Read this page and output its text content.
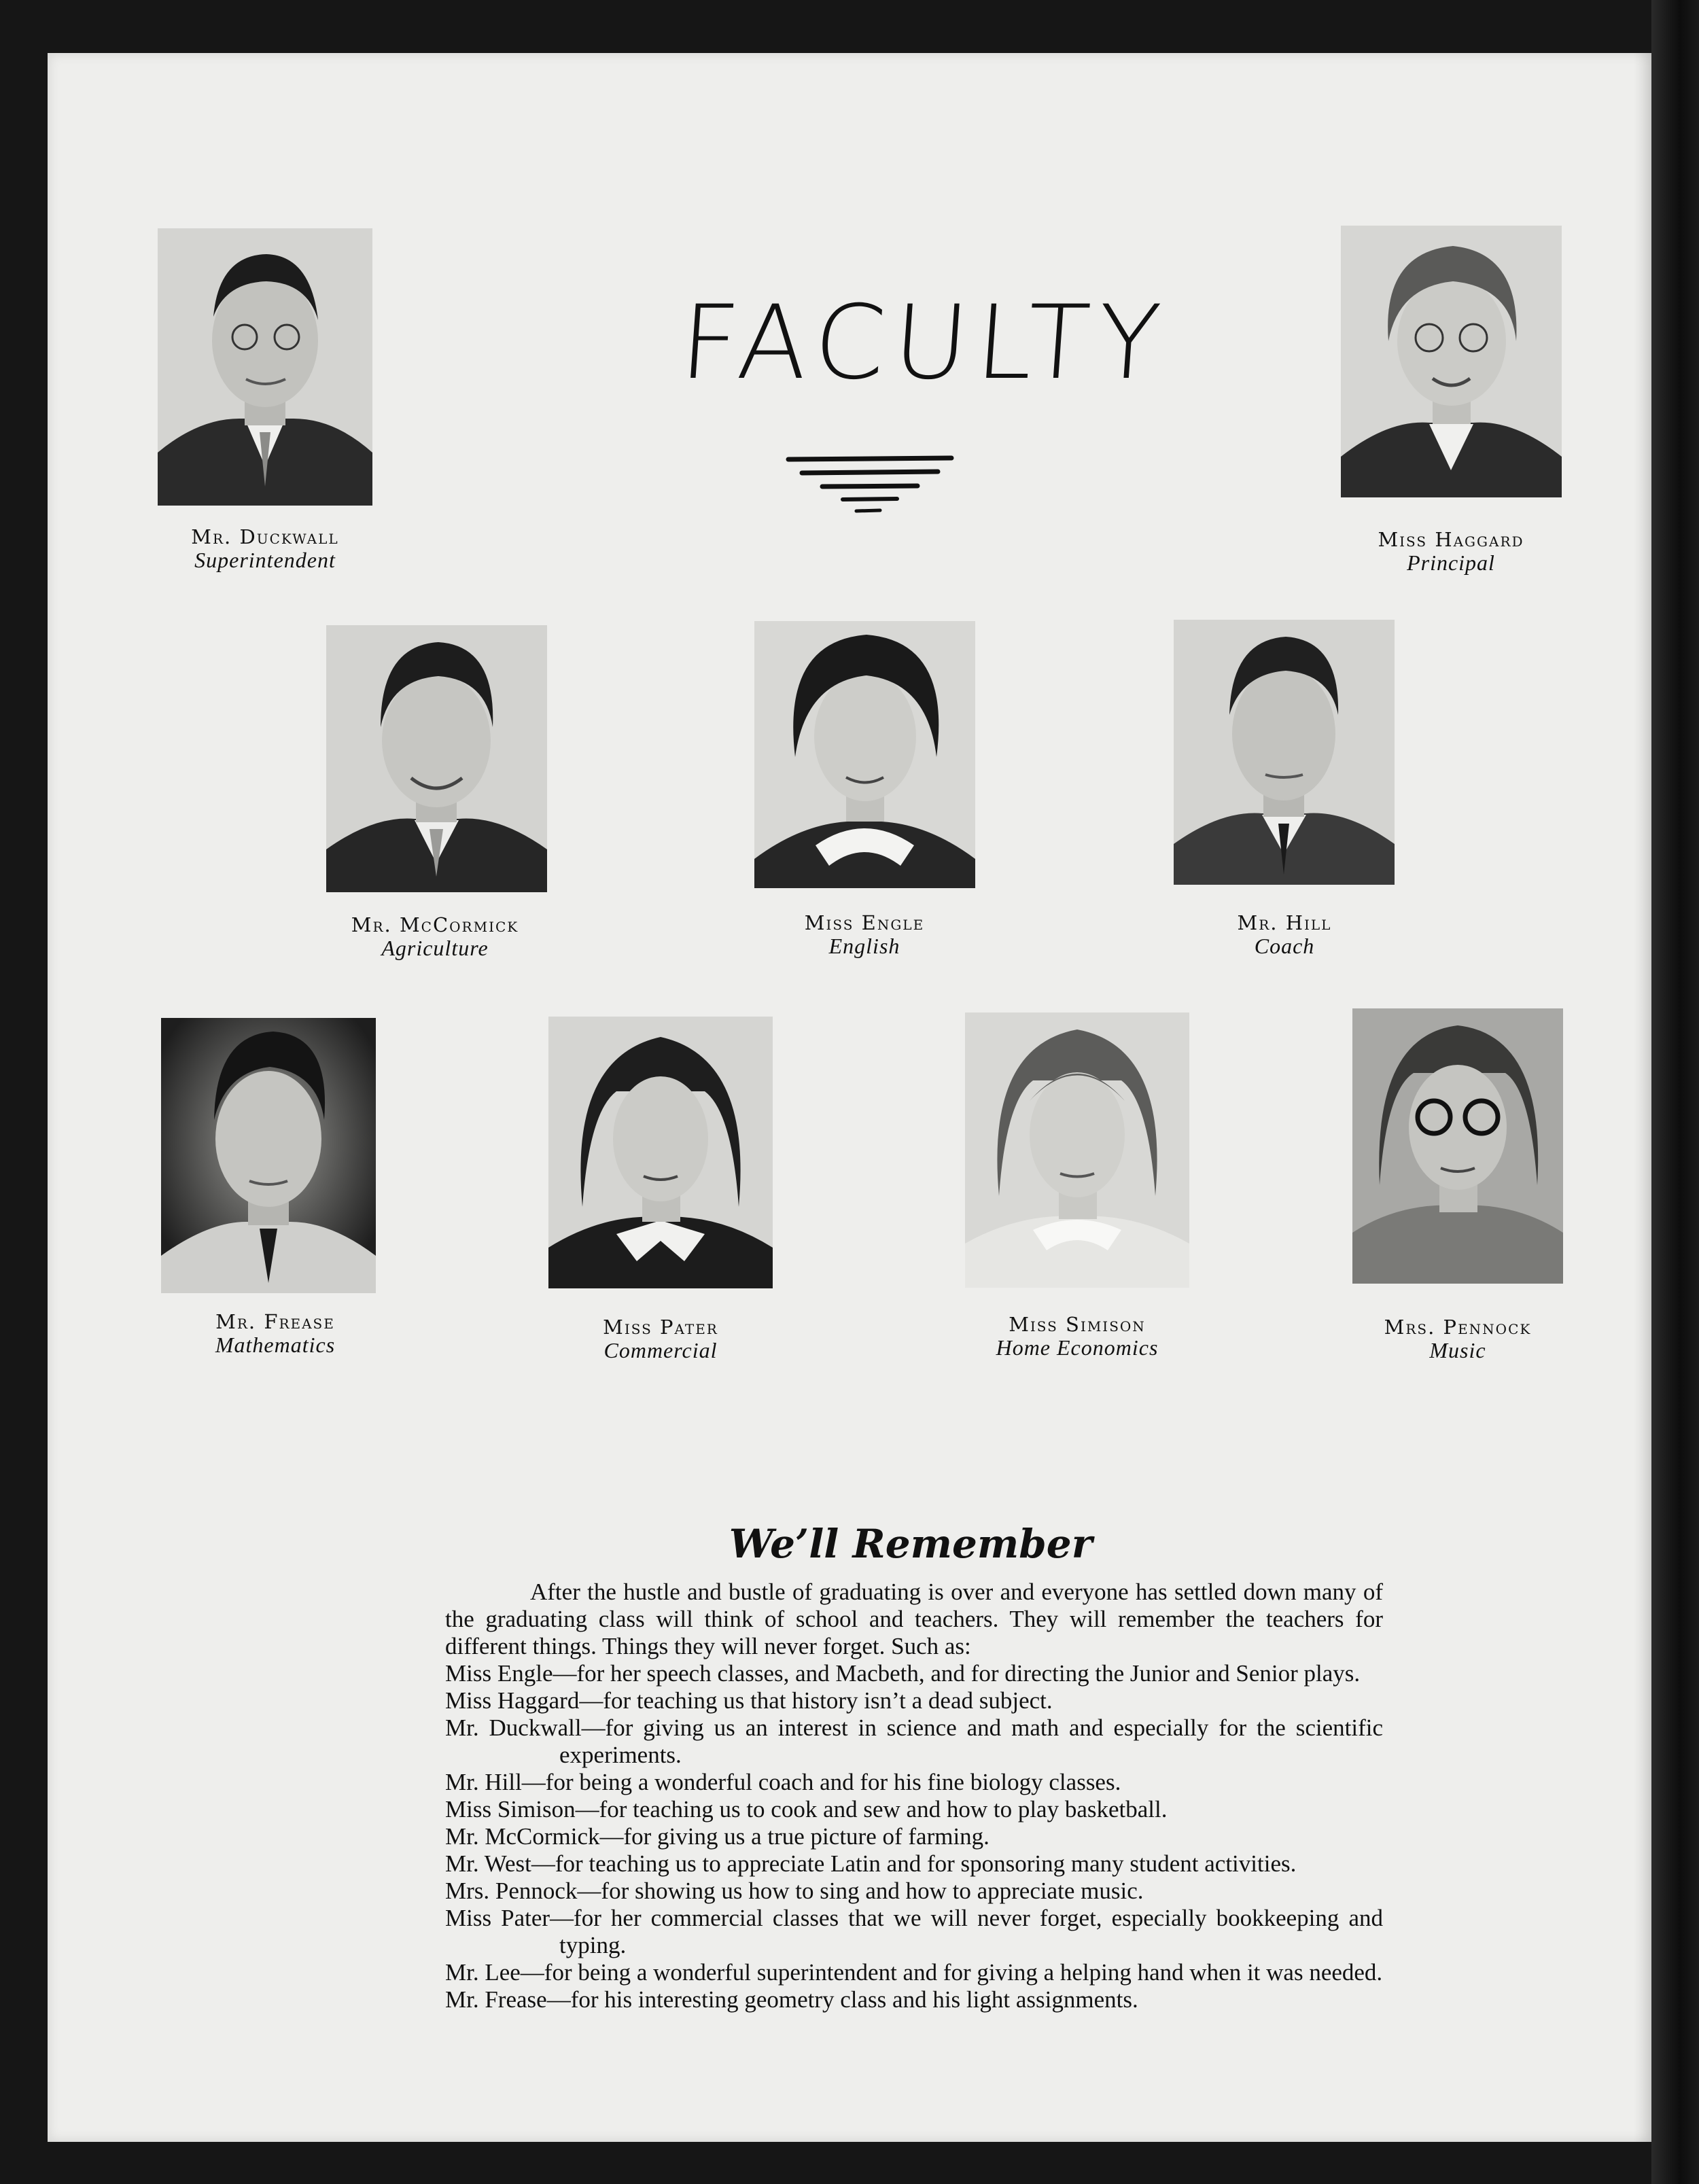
FACULTY
Mr. Duckwall
Superintendent
Miss Haggard
Principal
Mr. McCormick
Agriculture
Miss Engle
English
Mr. Hill
Coach
Mr. Frease
Mathematics
Miss Pater
Commercial
Miss Simison
Home Economics
Mrs. Pennock
Music
We’ll Remember

After the hustle and bustle of graduating is over and everyone has settled down many of the graduating class will think of school and teachers. They will remember the teachers for different things. Things they will never forget. Such as:

Miss Engle—for her speech classes, and Macbeth, and for directing the Junior and Senior plays.
Miss Haggard—for teaching us that history isn’t a dead subject.
Mr. Duckwall—for giving us an interest in science and math and especially for the scientific experiments.
Mr. Hill—for being a wonderful coach and for his fine biology classes.
Miss Simison—for teaching us to cook and sew and how to play basketball.
Mr. McCormick—for giving us a true picture of farming.
Mr. West—for teaching us to appreciate Latin and for sponsoring many student activities.
Mrs. Pennock—for showing us how to sing and how to appreciate music.
Miss Pater—for her commercial classes that we will never forget, especially bookkeeping and typing.
Mr. Lee—for being a wonderful superintendent and for giving a helping hand when it was needed.
Mr. Frease—for his interesting geometry class and his light assignments.
